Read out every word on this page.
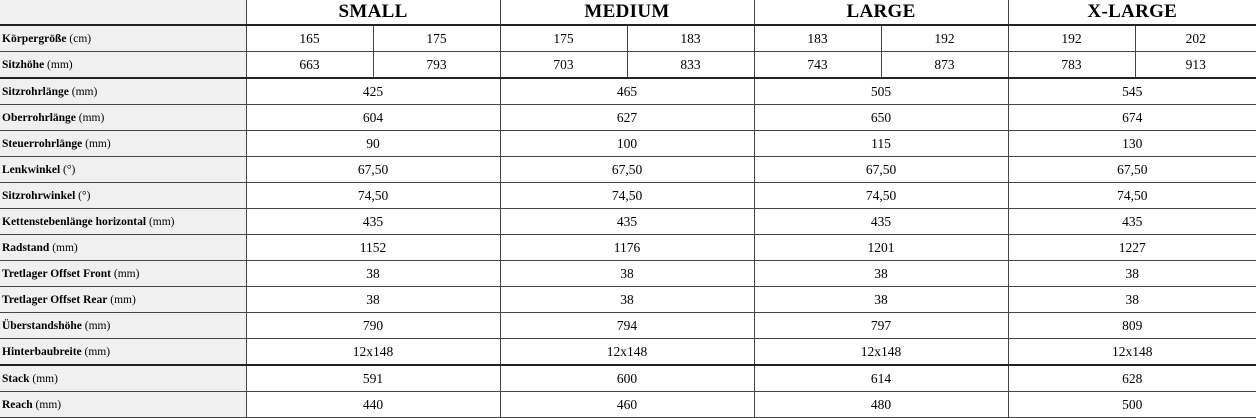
	SMALL		MEDIUM		LARGE		X-LARGE	
Körpergröße (cm)	165	175	175	183	183	192	192	202
Sitzhöhe (mm)	663	793	703	833	743	873	783	913
Sitzrohrlänge (mm)	425		465		505		545	
Oberrohrlänge (mm)	604		627		650		674	
Steuerrohrlänge (mm)	90		100		115		130	
Lenkwinkel (°)	67,50		67,50		67,50		67,50	
Sitzrohrwinkel (°)	74,50		74,50		74,50		74,50	
Kettenstebenlänge horizontal (mm)	435		435		435		435	
Radstand (mm)	1152		1176		1201		1227	
Tretlager Offset Front (mm)	38		38		38		38	
Tretlager Offset Rear (mm)	38		38		38		38	
Überstandshöhe (mm)	790		794		797		809	
Hinterbaubreite (mm)	12x148		12x148		12x148		12x148	
Stack (mm)	591		600		614		628	
Reach (mm)	440		460		480		500	
